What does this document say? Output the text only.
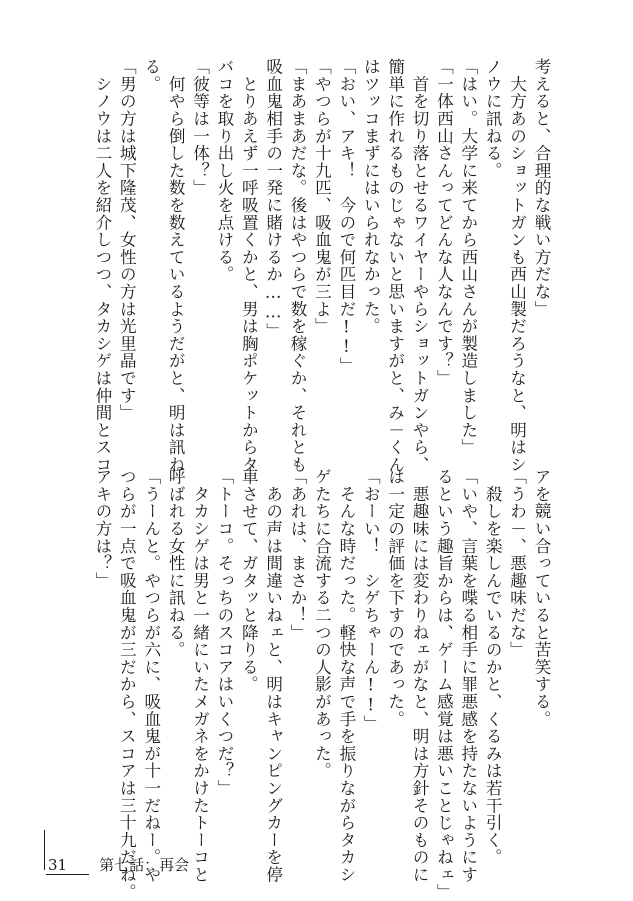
考えると、合理的な戦い方だな」
　大方あのショットガンも西山製だろうなと、明はシ
ノウに訊ねる。
「はい。大学に来てから西山さんが製造しました」
「一体西山さんってどんな人なんです？」
　首を切り落とせるワイヤーやらショットガンやら、
簡単に作れるものじゃないと思いますがと、み－くん
はツッコまずにはいられなかった。
「おい、アキ！　今ので何匹目だ!!」
「やつらが十九匹、吸血鬼が三よ」
「まあまあだな。後はやつらで数を稼ぐか、それとも
吸血鬼相手の一発に賭けるか……」
　とりあえず一呼吸置くかと、男は胸ポケットからタ
バコを取り出し火を点ける。
「彼等は一体？」
　何やら倒した数を数えているようだがと、明は訊ね
る。
「男の方は城下隆茂、女性の方は光里晶です」
　シノウは二人を紹介しつつ、タカシゲは仲間とスコ
アを競い合っていると苦笑する。
「うわ－、悪趣味だな」
　殺しを楽しんでいるのかと、くるみは若干引く。
「いや、言葉を喋る相手に罪悪感を持たないようにす
るという趣旨からは、ゲーム感覚は悪いことじゃねェ」
　悪趣味には変わりねェがなと、明は方針そのものに
は一定の評価を下すのであった。
「おーい！　シゲちゃーん!!」
　そんな時だった。軽快な声で手を振りながらタカシ
ゲたちに合流する二つの人影があった。
「あれは、まさか！」
　あの声は間違いねェと、明はキャンピングカーを停
車させて、ガタッと降りる。
「トーコ。そっちのスコアはいくつだ？」
　タカシゲは男と一緒にいたメガネをかけたトーコと
呼ばれる女性に訊ねる。
「うーんと。やつらが六に、吸血鬼が十一だねー。や
つらが一点で吸血鬼が三だから、スコアは三十九だね。
アキの方は？」
31	第七話：再会
